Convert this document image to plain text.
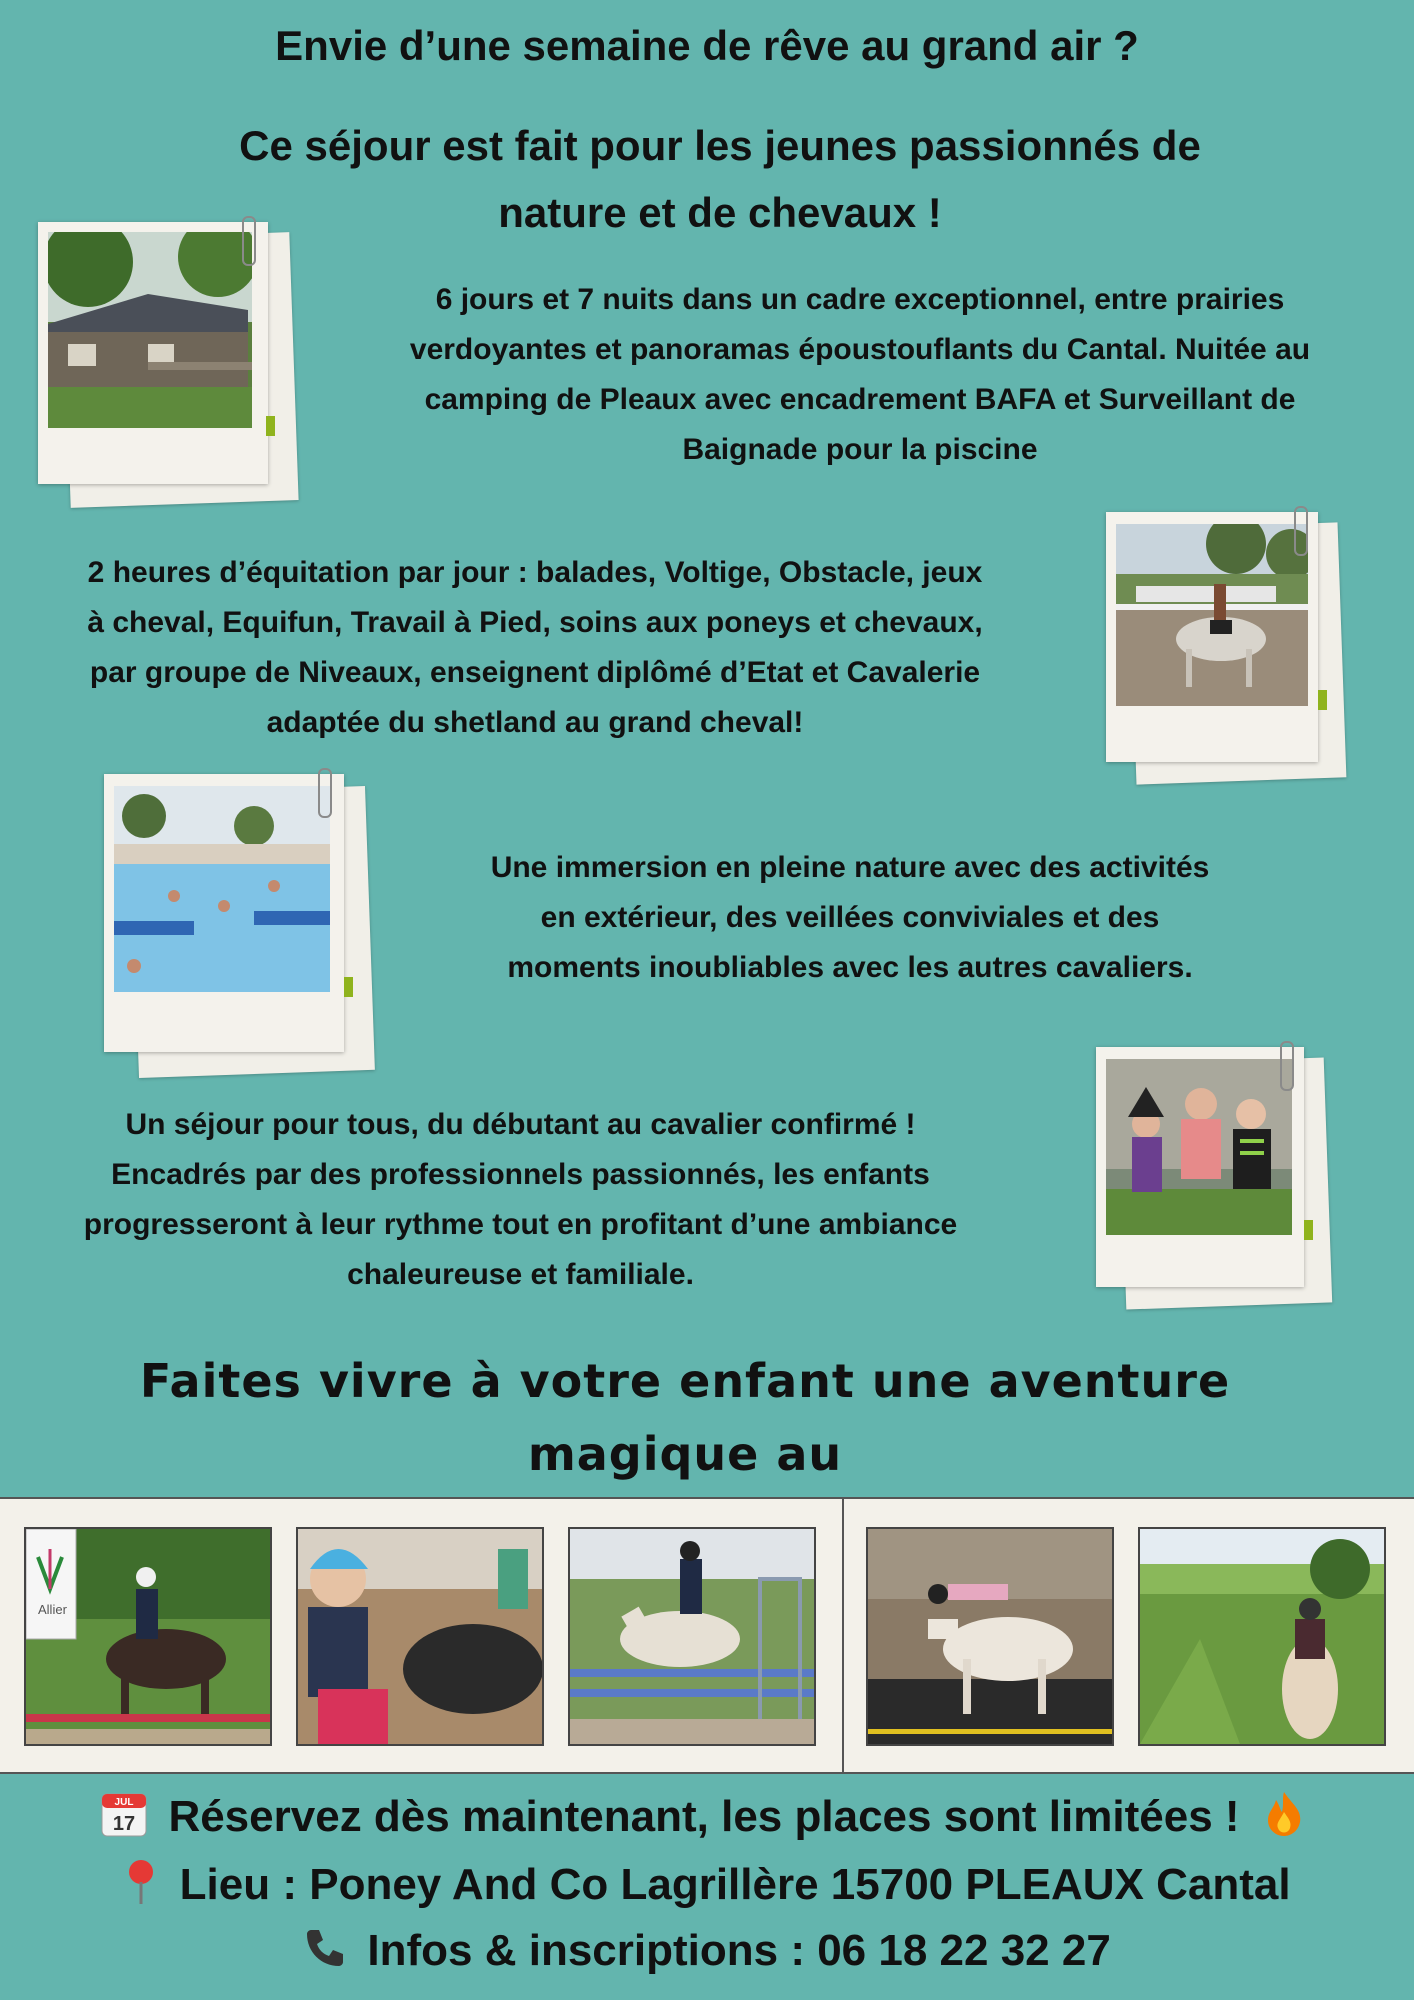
Envie d’une semaine de rêve au grand air ?
Ce séjour est fait pour les jeunes passionnés de
nature et de chevaux !
6 jours et 7 nuits dans un cadre exceptionnel, entre prairies
verdoyantes et panoramas époustouflants du Cantal. Nuitée au
camping de Pleaux avec encadrement BAFA et Surveillant de
Baignade pour la piscine
2 heures d’équitation par jour : balades, Voltige, Obstacle, jeux
à cheval, Equifun, Travail à Pied, soins aux poneys et chevaux,
par groupe de Niveaux, enseignent diplômé d’Etat et Cavalerie
adaptée du shetland au grand cheval!
Une immersion en pleine nature avec des activités
en extérieur, des veillées conviviales et des
moments inoubliables avec les autres cavaliers.
Un séjour pour tous, du débutant au cavalier confirmé !
Encadrés par des professionnels passionnés, les enfants
progresseront à leur rythme tout en profitant d’une ambiance
chaleureuse et familiale.
Faites vivre à votre enfant une aventure magique au
Allier
JUL
17 Réservez dès maintenant, les places sont limitées !
Lieu : Poney And Co Lagrillère 15700 PLEAUX Cantal
Infos & inscriptions : 06 18 22 32 27
